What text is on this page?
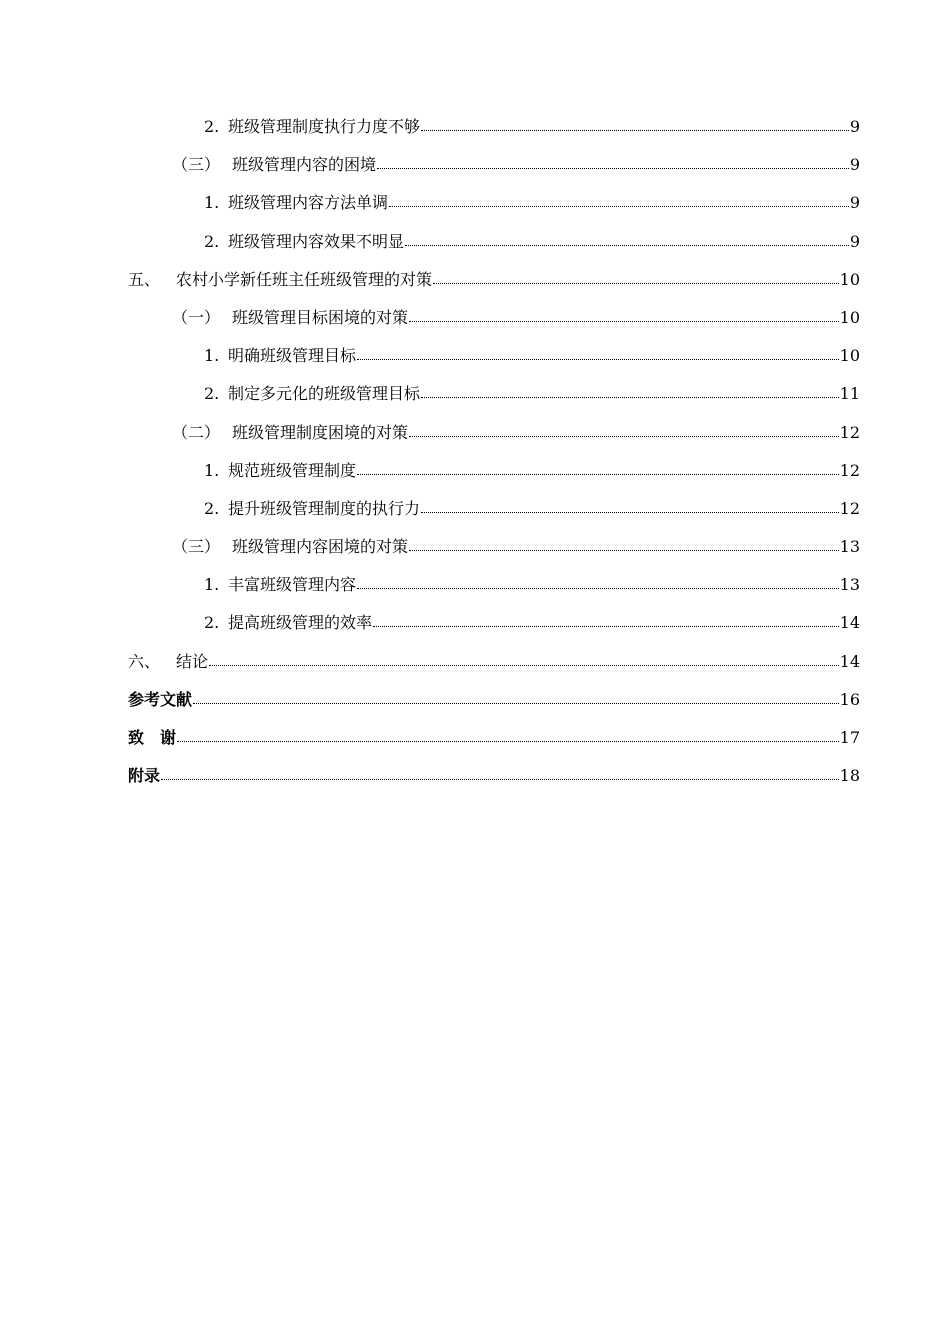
2. 班级管理制度执行力度不够	9
（三） 班级管理内容的困境	9
1. 班级管理内容方法单调	9
2. 班级管理内容效果不明显	9
五、 农村小学新任班主任班级管理的对策	10
（一） 班级管理目标困境的对策	10
1. 明确班级管理目标	10
2. 制定多元化的班级管理目标	11
（二） 班级管理制度困境的对策	12
1. 规范班级管理制度	12
2. 提升班级管理制度的执行力	12
（三） 班级管理内容困境的对策	13
1. 丰富班级管理内容	13
2. 提高班级管理的效率	14
六、 结论	14
参考文献	16
致　谢	17
附录	18
